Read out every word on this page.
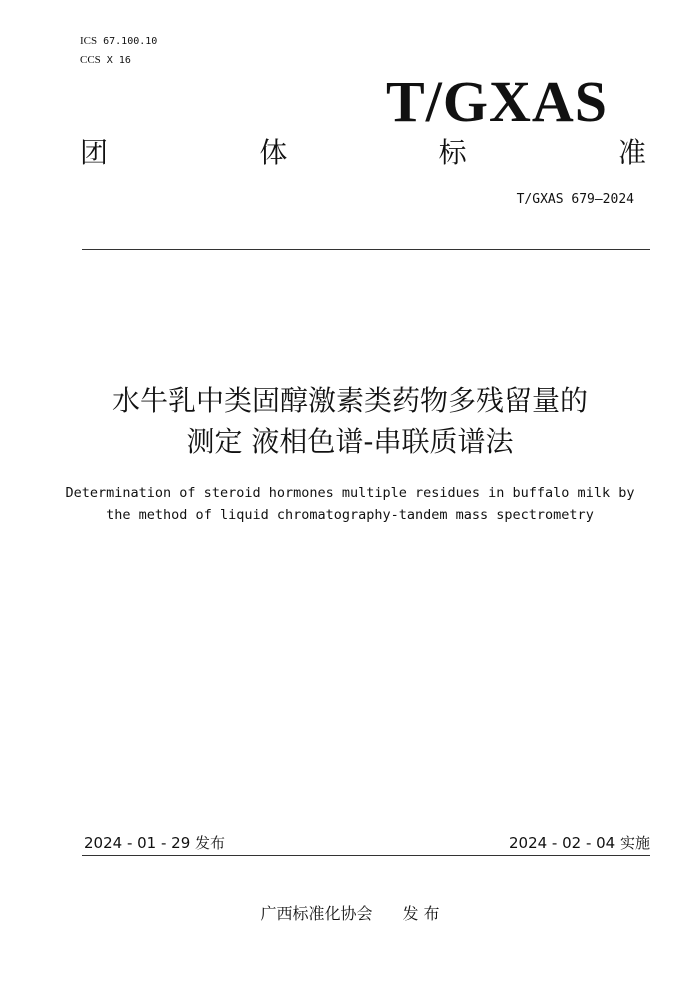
ICS 67.100.10
CCS X 16
T/GXAS
团	体	标	准
T/GXAS 679—2024
水牛乳中类固醇激素类药物多残留量的
测定 液相色谱-串联质谱法
Determination of steroid hormones multiple residues in buffalo milk by
the method of liquid chromatography-tandem mass spectrometry
2024 - 01 - 29 发布	2024 - 02 - 04 实施
广西标准化协会 发 布
